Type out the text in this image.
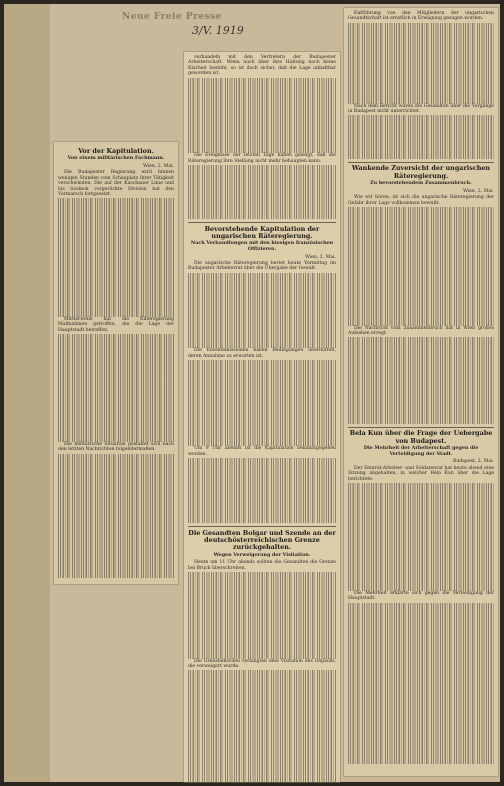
Neue Freie Presse
3/V. 1919
Vor der Kapitulation.
Von einem militärischen Fachmann.
Wien, 2. Mai.

Die Budapester Regierung wird binnen wenigen Stunden vom Schauplatz ihrer Tätigkeit verschwinden. Die auf der Kaschauer Linie und bis Szolnok vorgerückte Division hat den Vormarsch fortgesetzt.

Mittlerweile hat die Räteregierung Maßnahmen getroffen, die die Lage der Hauptstadt betreffen.

Die militärische Situation gestaltet sich nach den letzten Nachrichten folgendermaßen.

verhandeln mit den Vertretern der Budapester Arbeiterschaft. Wenn auch über ihre Haltung noch keine Klarheit besteht, so ist doch sicher, daß die Lage unhaltbar geworden ist.

Die Ereignisse der letzten Tage haben gezeigt, daß die Räteregierung ihre Stellung nicht mehr behaupten kann.

Bevorstehende Kapitulation der ungarischen Räteregierung.
Nach Verhandlungen mit den hiesigen französischen Offizieren.
Wien, 2. Mai.

Die ungarische Räteregierung beriet heute Vormittag im Budapester Arbeiterrat über die Übergabe der Gewalt.

Die Ententemissionen haben Bedingungen übermittelt, deren Annahme zu erwarten ist.

Um 9 Uhr abends ist die Kapitulation bekanntgegeben worden.

Die Gesandten Bolgar und Szende an der deutschösterreichischen Grenze zurückgehalten.
Wegen Verweigerung der Visitation.

Heute um 11 Uhr abends sollten die Gesandten die Grenze bei Bruck überschreiten.

Die Grenzbehörden verlangten eine Visitation des Gepäcks, die verweigert wurde.

Entführung von den Mitgliedern der ungarischen Gesandtschaft ist ernstlich in Erwägung gezogen worden.

Nach dem Bericht waren die Gesandten über die Vorgänge in Budapest nicht unterrichtet.

Wankende Zuversicht der ungarischen Räteregierung.
Zu bevorstehendem Zusammenbruch.
Wien, 2. Mai.

Wie wir hören, ist sich die ungarische Räteregierung der Gefahr ihrer Lage vollkommen bewußt.

Die Nachricht vom Zusammenbruch hat in Wien großes Aufsehen erregt.

Bela Kun über die Frage der Uebergabe von Budapest.
Die Mehrheit der Arbeiterschaft gegen die Verteidigung der Stadt.
Budapest, 2. Mai.

Der Zentral-Arbeiter- und Soldatenrat hat heute abend eine Sitzung abgehalten, in welcher Bela Kun über die Lage berichtete.

Die Mehrheit erklärte sich gegen die Verteidigung der Hauptstadt.
